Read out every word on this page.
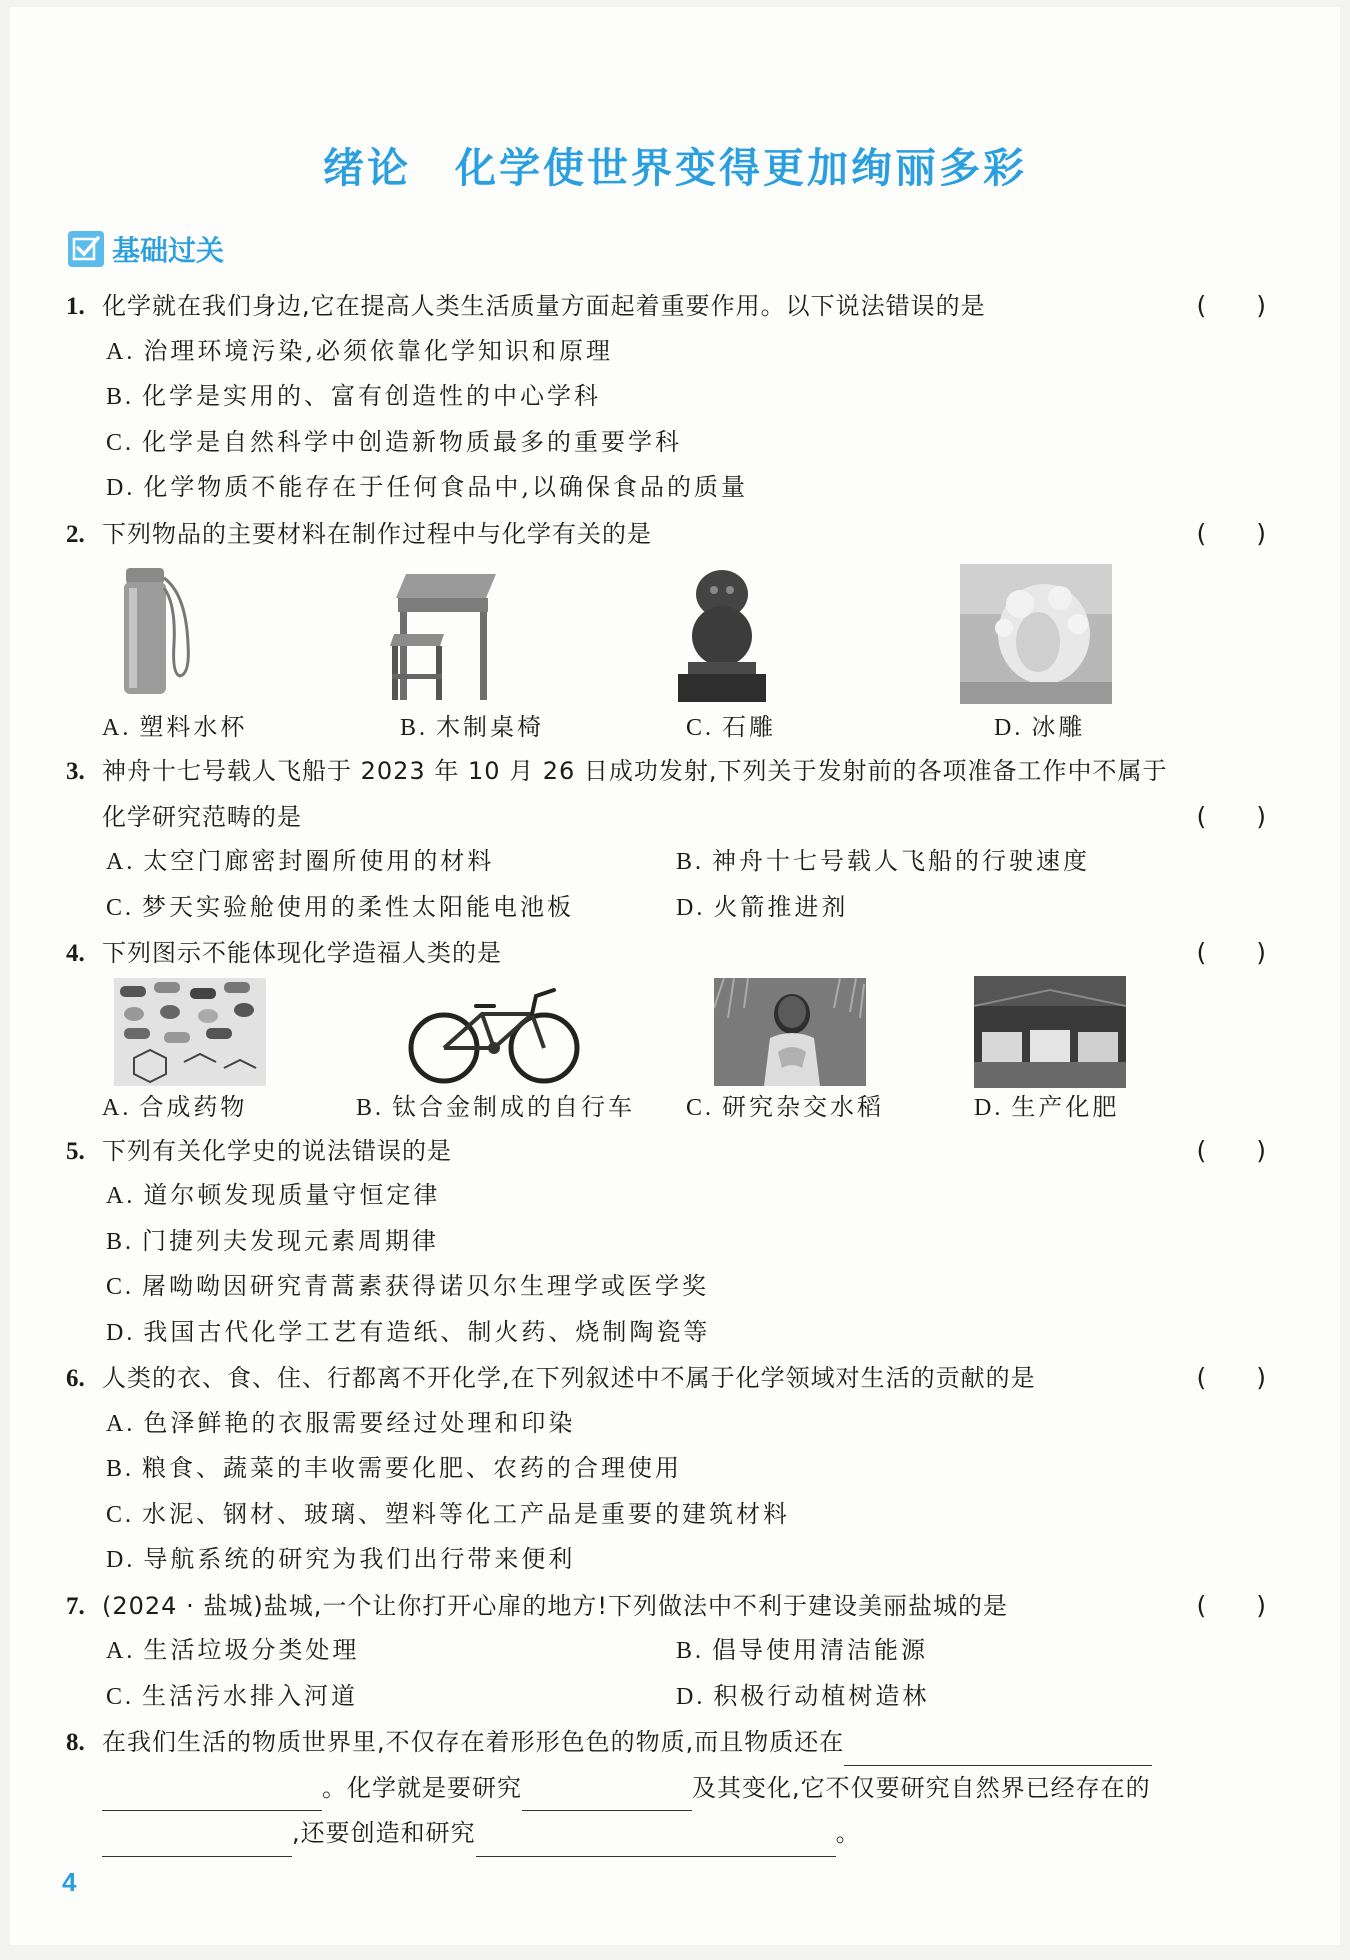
绪论　化学使世界变得更加绚丽多彩
基础过关
1. 化学就在我们身边,它在提高人类生活质量方面起着重要作用。以下说法错误的是	(　　)
A. 治理环境污染,必须依靠化学知识和原理
B. 化学是实用的、富有创造性的中心学科
C. 化学是自然科学中创造新物质最多的重要学科
D. 化学物质不能存在于任何食品中,以确保食品的质量
2. 下列物品的主要材料在制作过程中与化学有关的是	(　　)
A. 塑料水杯	B. 木制桌椅	C. 石雕	D. 冰雕
3. 神舟十七号载人飞船于 2023 年 10 月 26 日成功发射,下列关于发射前的各项准备工作中不属于
化学研究范畴的是	(　　)
A. 太空门廊密封圈所使用的材料	B. 神舟十七号载人飞船的行驶速度
C. 梦天实验舱使用的柔性太阳能电池板	D. 火箭推进剂
4. 下列图示不能体现化学造福人类的是	(　　)
A. 合成药物	B. 钛合金制成的自行车 C. 研究杂交水稻	D. 生产化肥
5. 下列有关化学史的说法错误的是	(　　)
A. 道尔顿发现质量守恒定律
B. 门捷列夫发现元素周期律
C. 屠呦呦因研究青蒿素获得诺贝尔生理学或医学奖
D. 我国古代化学工艺有造纸、制火药、烧制陶瓷等
6. 人类的衣、食、住、行都离不开化学,在下列叙述中不属于化学领域对生活的贡献的是	(　　)
A. 色泽鲜艳的衣服需要经过处理和印染
B. 粮食、蔬菜的丰收需要化肥、农药的合理使用
C. 水泥、钢材、玻璃、塑料等化工产品是重要的建筑材料
D. 导航系统的研究为我们出行带来便利
7. (2024 · 盐城)盐城,一个让你打开心扉的地方!下列做法中不利于建设美丽盐城的是	(　　)
A. 生活垃圾分类处理	B. 倡导使用清洁能源
C. 生活污水排入河道	D. 积极行动植树造林
8. 在我们生活的物质世界里,不仅存在着形形色色的物质,而且物质还在
。化学就是要研究	及其变化,它不仅要研究自然界已经存在的
,还要创造和研究	。
4
